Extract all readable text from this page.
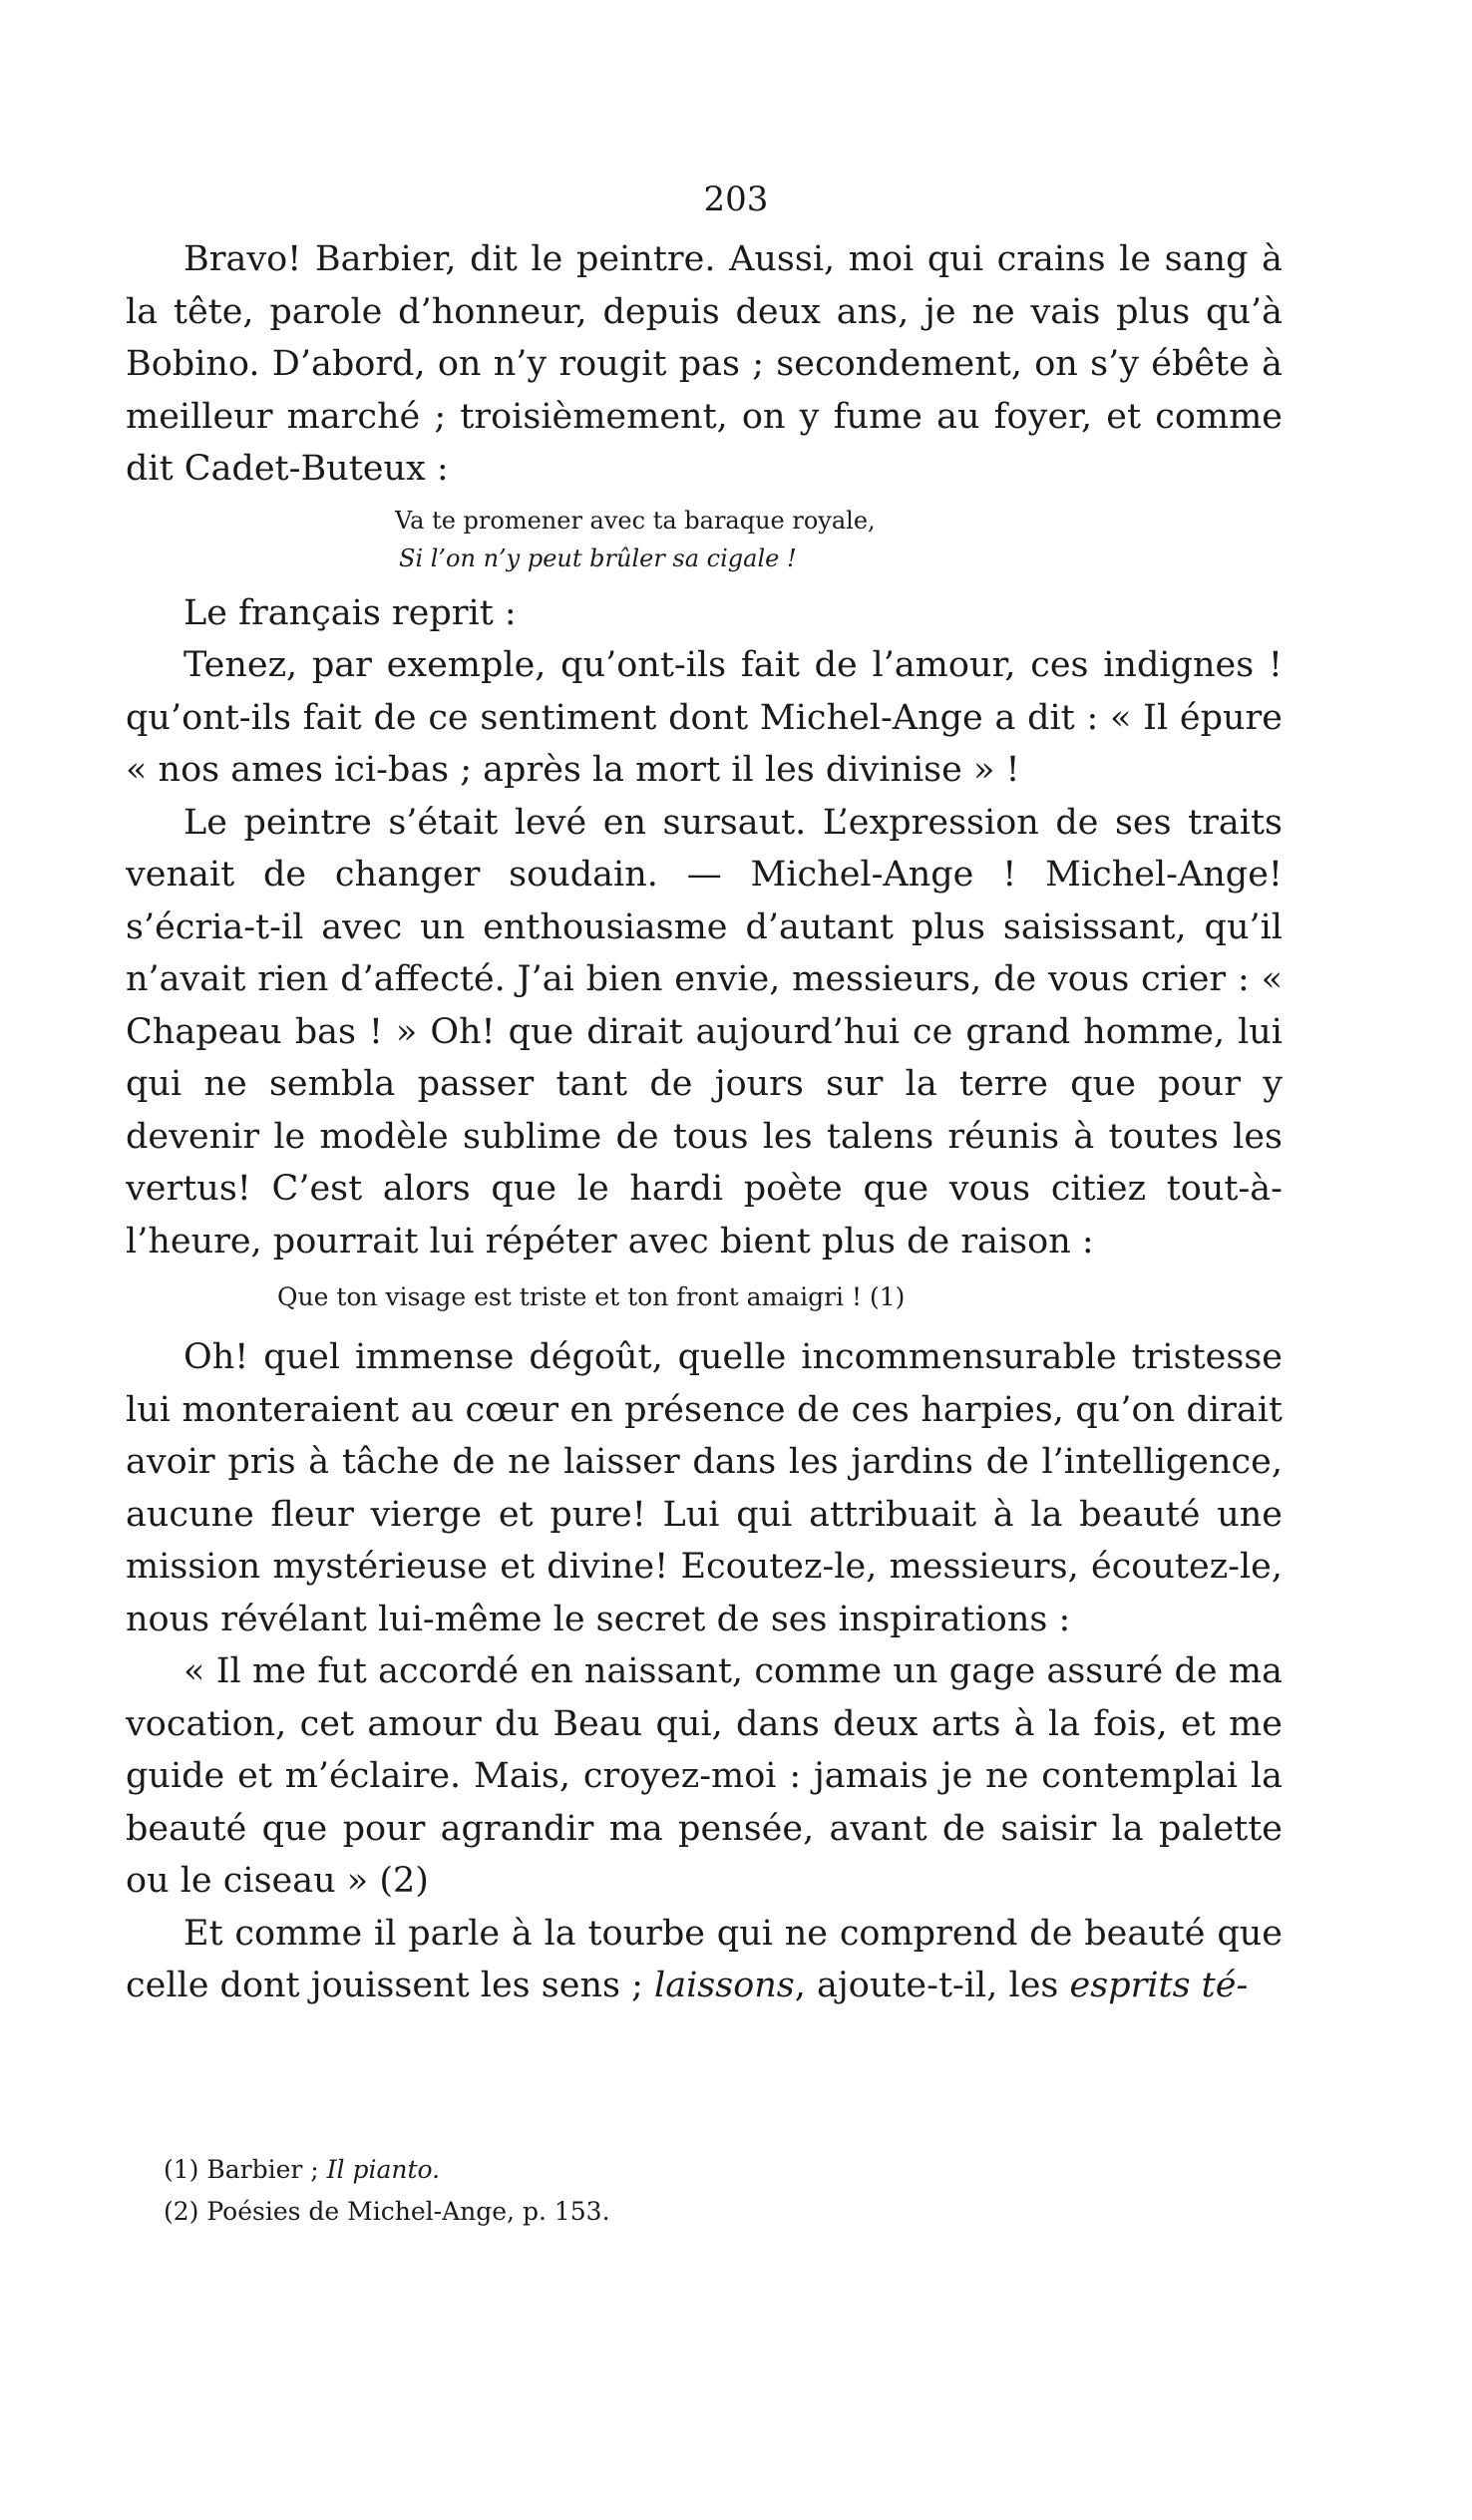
203

Bravo! Barbier, dit le peintre. Aussi, moi qui crains le sang à la tête, parole d’honneur, depuis deux ans, je ne vais plus qu’à Bobino. D’abord, on n’y rougit pas ; secondement, on s’y ébête à meilleur marché ; troisièmement, on y fume au foyer, et comme dit Cadet-Buteux :

Va te promener avec ta baraque royale,
Si l’on n’y peut brûler sa cigale !

Le français reprit :

Tenez, par exemple, qu’ont-ils fait de l’amour, ces indignes ! qu’ont-ils fait de ce sentiment dont Michel-Ange a dit : « Il épure « nos ames ici-bas ; après la mort il les divinise » !

Le peintre s’était levé en sursaut. L’expression de ses traits venait de changer soudain. — Michel-Ange ! Michel-Ange! s’écria-t-il avec un enthousiasme d’autant plus saisissant, qu’il n’avait rien d’affecté. J’ai bien envie, messieurs, de vous crier : « Chapeau bas ! » Oh! que dirait aujourd’hui ce grand homme, lui qui ne sembla passer tant de jours sur la terre que pour y devenir le modèle sublime de tous les talens réunis à toutes les vertus! C’est alors que le hardi poète que vous citiez tout-à-l’heure, pourrait lui répéter avec bient plus de raison :

Que ton visage est triste et ton front amaigri ! (1)

Oh! quel immense dégoût, quelle incommensurable tristesse lui monteraient au cœur en présence de ces harpies, qu’on dirait avoir pris à tâche de ne laisser dans les jardins de l’intelligence, aucune fleur vierge et pure! Lui qui attribuait à la beauté une mission mystérieuse et divine! Ecoutez-le, messieurs, écoutez-le, nous révélant lui-même le secret de ses inspirations :

« Il me fut accordé en naissant, comme un gage assuré de ma vocation, cet amour du Beau qui, dans deux arts à la fois, et me guide et m’éclaire. Mais, croyez-moi : jamais je ne contemplai la beauté que pour agrandir ma pensée, avant de saisir la palette ou le ciseau » (2)

Et comme il parle à la tourbe qui ne comprend de beauté que celle dont jouissent les sens ; laissons, ajoute-t-il, les esprits té-

(1) Barbier ; Il pianto.
(2) Poésies de Michel-Ange, p. 153.
